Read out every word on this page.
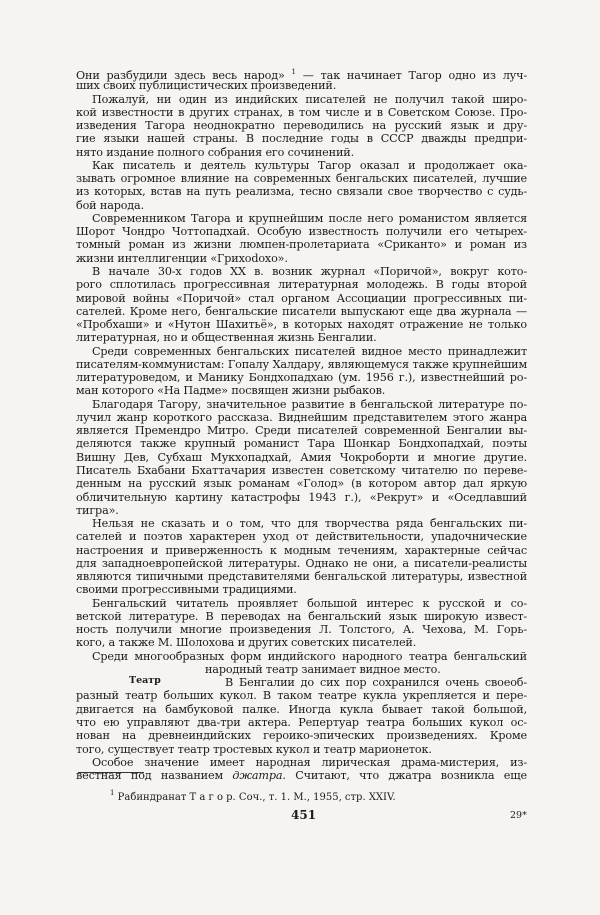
Они разбудили здесь весь народ» $^1$ — так начинает Тагор одно из луч-
ших своих публицистических произведений.
Пожалуй, ни один из индийских писателей не получил такой широ-
кой известности в других странах, в том числе и в Советском Союзе. Про-
изведения Тагора неоднократно переводились на русский язык и дру-
гие языки нашей страны. В последние годы в СССР дважды предпри-
нято издание полного собрания его сочинений.
Как писатель и деятель культуры Тагор оказал и продолжает ока-
зывать огромное влияние на современных бенгальских писателей, лучшие
из которых, встав на путь реализма, тесно связали свое творчество с судь-
бой народа.
Современником Тагора и крупнейшим после него романистом является
Шорот Чондро Чоттопадхай. Особую известность получили его четырех-
томный роман из жизни люмпен-пролетариата «Сриканто» и роман из
жизни интеллигенции «Грихodoxo».
В начале 30-х годов XX в. возник журнал «Поричой», вокруг кото-
рого сплотилась прогрессивная литературная молодежь. В годы второй
мировой войны «Поричой» стал органом Ассоциации прогрессивных пи-
сателей. Кроме него, бенгальские писатели выпускают еще два журнала —
«Пробхаши» и «Нутон Шахитьё», в которых находят отражение не только
литературная, но и общественная жизнь Бенгалии.
Среди современных бенгальских писателей видное место принадлежит
писателям-коммунистам: Гопалу Халдару, являющемуся также крупнейшим
литературоведом, и Манику Бондхопадхаю (ум. 1956 г.), известнейший ро-
ман которого «На Падме» посвящен жизни рыбаков.
Благодаря Тагору, значительное развитие в бенгальской литературе по-
лучил жанр короткого рассказа. Виднейшим представителем этого жанра
является Премендро Митро. Среди писателей современной Бенгалии вы-
деляются также крупный романист Тара Шонкар Бондхопадхай, поэты
Вишну Дев, Субхаш Мукхопадхай, Амия Чокроборти и многие другие.
Писатель Бхабани Бхаттачария известен советскому читателю по переве-
денным на русский язык романам «Голод» (в котором автор дал яркую
обличительную картину катастрофы 1943 г.), «Рекрут» и «Оседлавший
тигра».
Нельзя не сказать и о том, что для творчества ряда бенгальских пи-
сателей и поэтов характерен уход от действительности, упадочнические
настроения и приверженность к модным течениям, характерные сейчас
для западноевропейской литературы. Однако не они, а писатели-реалисты
являются типичными представителями бенгальской литературы, известной
своими прогрессивными традициями.
Бенгальский читатель проявляет большой интерес к русской и со-
ветской литературе. В переводах на бенгальский язык широкую извест-
ность получили многие произведения Л. Толстого, А. Чехова, М. Горь-
кого, а также М. Шолохова и других советских писателей.
Среди многообразных форм индийского народного театра бенгальский
народный театр занимает видное место.
В Бенгалии до сих пор сохранился очень своеоб-
разный театр больших кукол. В таком театре кукла укрепляется и пере-
двигается на бамбуковой палке. Иногда кукла бывает такой большой,
что ею управляют два-три актера. Репертуар театра больших кукол ос-
нован на древнеиндийских героико-эпических произведениях. Кроме
того, существует театр тростевых кукол и театр марионеток.
Особое значение имеет народная лирическая драма-мистерия, из-
вестная под названием джатра. Считают, что джатра возникла еще
Театр
$^1$ Рабиндранат Т а г о р. Соч., т. 1. М., 1955, стр. XXIV.
451	29*
